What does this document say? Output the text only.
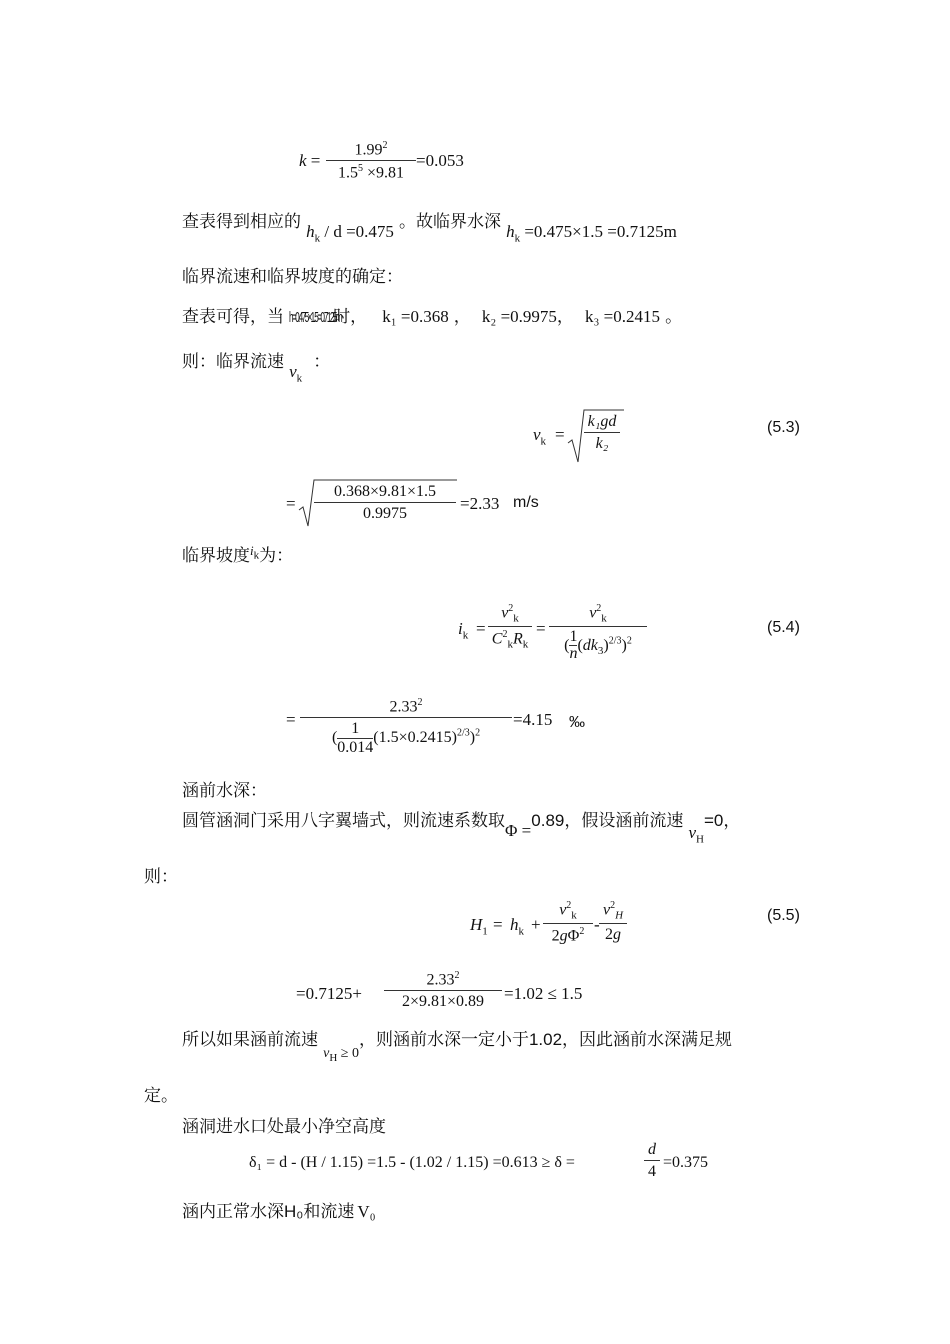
$k = \frac{1.99^2}{1.5^5 \times 9.81} =0.053$
查表得到相应的 $h_k / d =0.475$ 。故临界水深 $h_k =0.475\times 1.5 =0.7125m$
临界流速和临界坡度的确定：
查表可得，当 h=0.475×1.5=0.7125m时， k₁ =0.368 ， k₂ =0.9975， k₃ =0.2415 。
则：临界流速 $v_k$ ：
$v_k = \frac{\text{k₁gd}}{\text{k₂}}$	(5.3)
= $\frac{0.368\times 9.81\times 1.5}{0.9975} =2.33$ m/s
临界坡度$^{i_k}$为：
$i_k$ =
$v^2_k$
$C^2_kR_k$
= $\frac{v^2_k}{( \frac{1}{n}(dk_3)^{2/3})^2}$	(5.4)
= $2.33^2$
(
1
$0.014(1.5\times 0.2415)^{2/3})^2 =4.15$ ‰
涵前水深：
圆管涵洞门采用八字翼墙式，则流速系数取Φ =0.89，假设涵前流速 $v_H=0$，
则：
$H_1 = h_k + \frac{v^2_k}{2g\Phi^2} - \frac{v^2_H}{2g}$	(5.5)
$=0.7125+ \frac{2.33^2}{2\times 9.81\times 0.89} =1.02 \le 1.5$
所以如果涵前流速 $v_H \ge 0$，则涵前水深一定小于1.02，因此涵前水深满足规
定。
涵洞进水口处最小净空高度
δ₁ = d - (H / 1.15) =1.5 - (1.02 / 1.15) =0.613 ≥ δ =	$\frac{d}{4} =0.375$
涵内正常水深H₀和流速 V₀
